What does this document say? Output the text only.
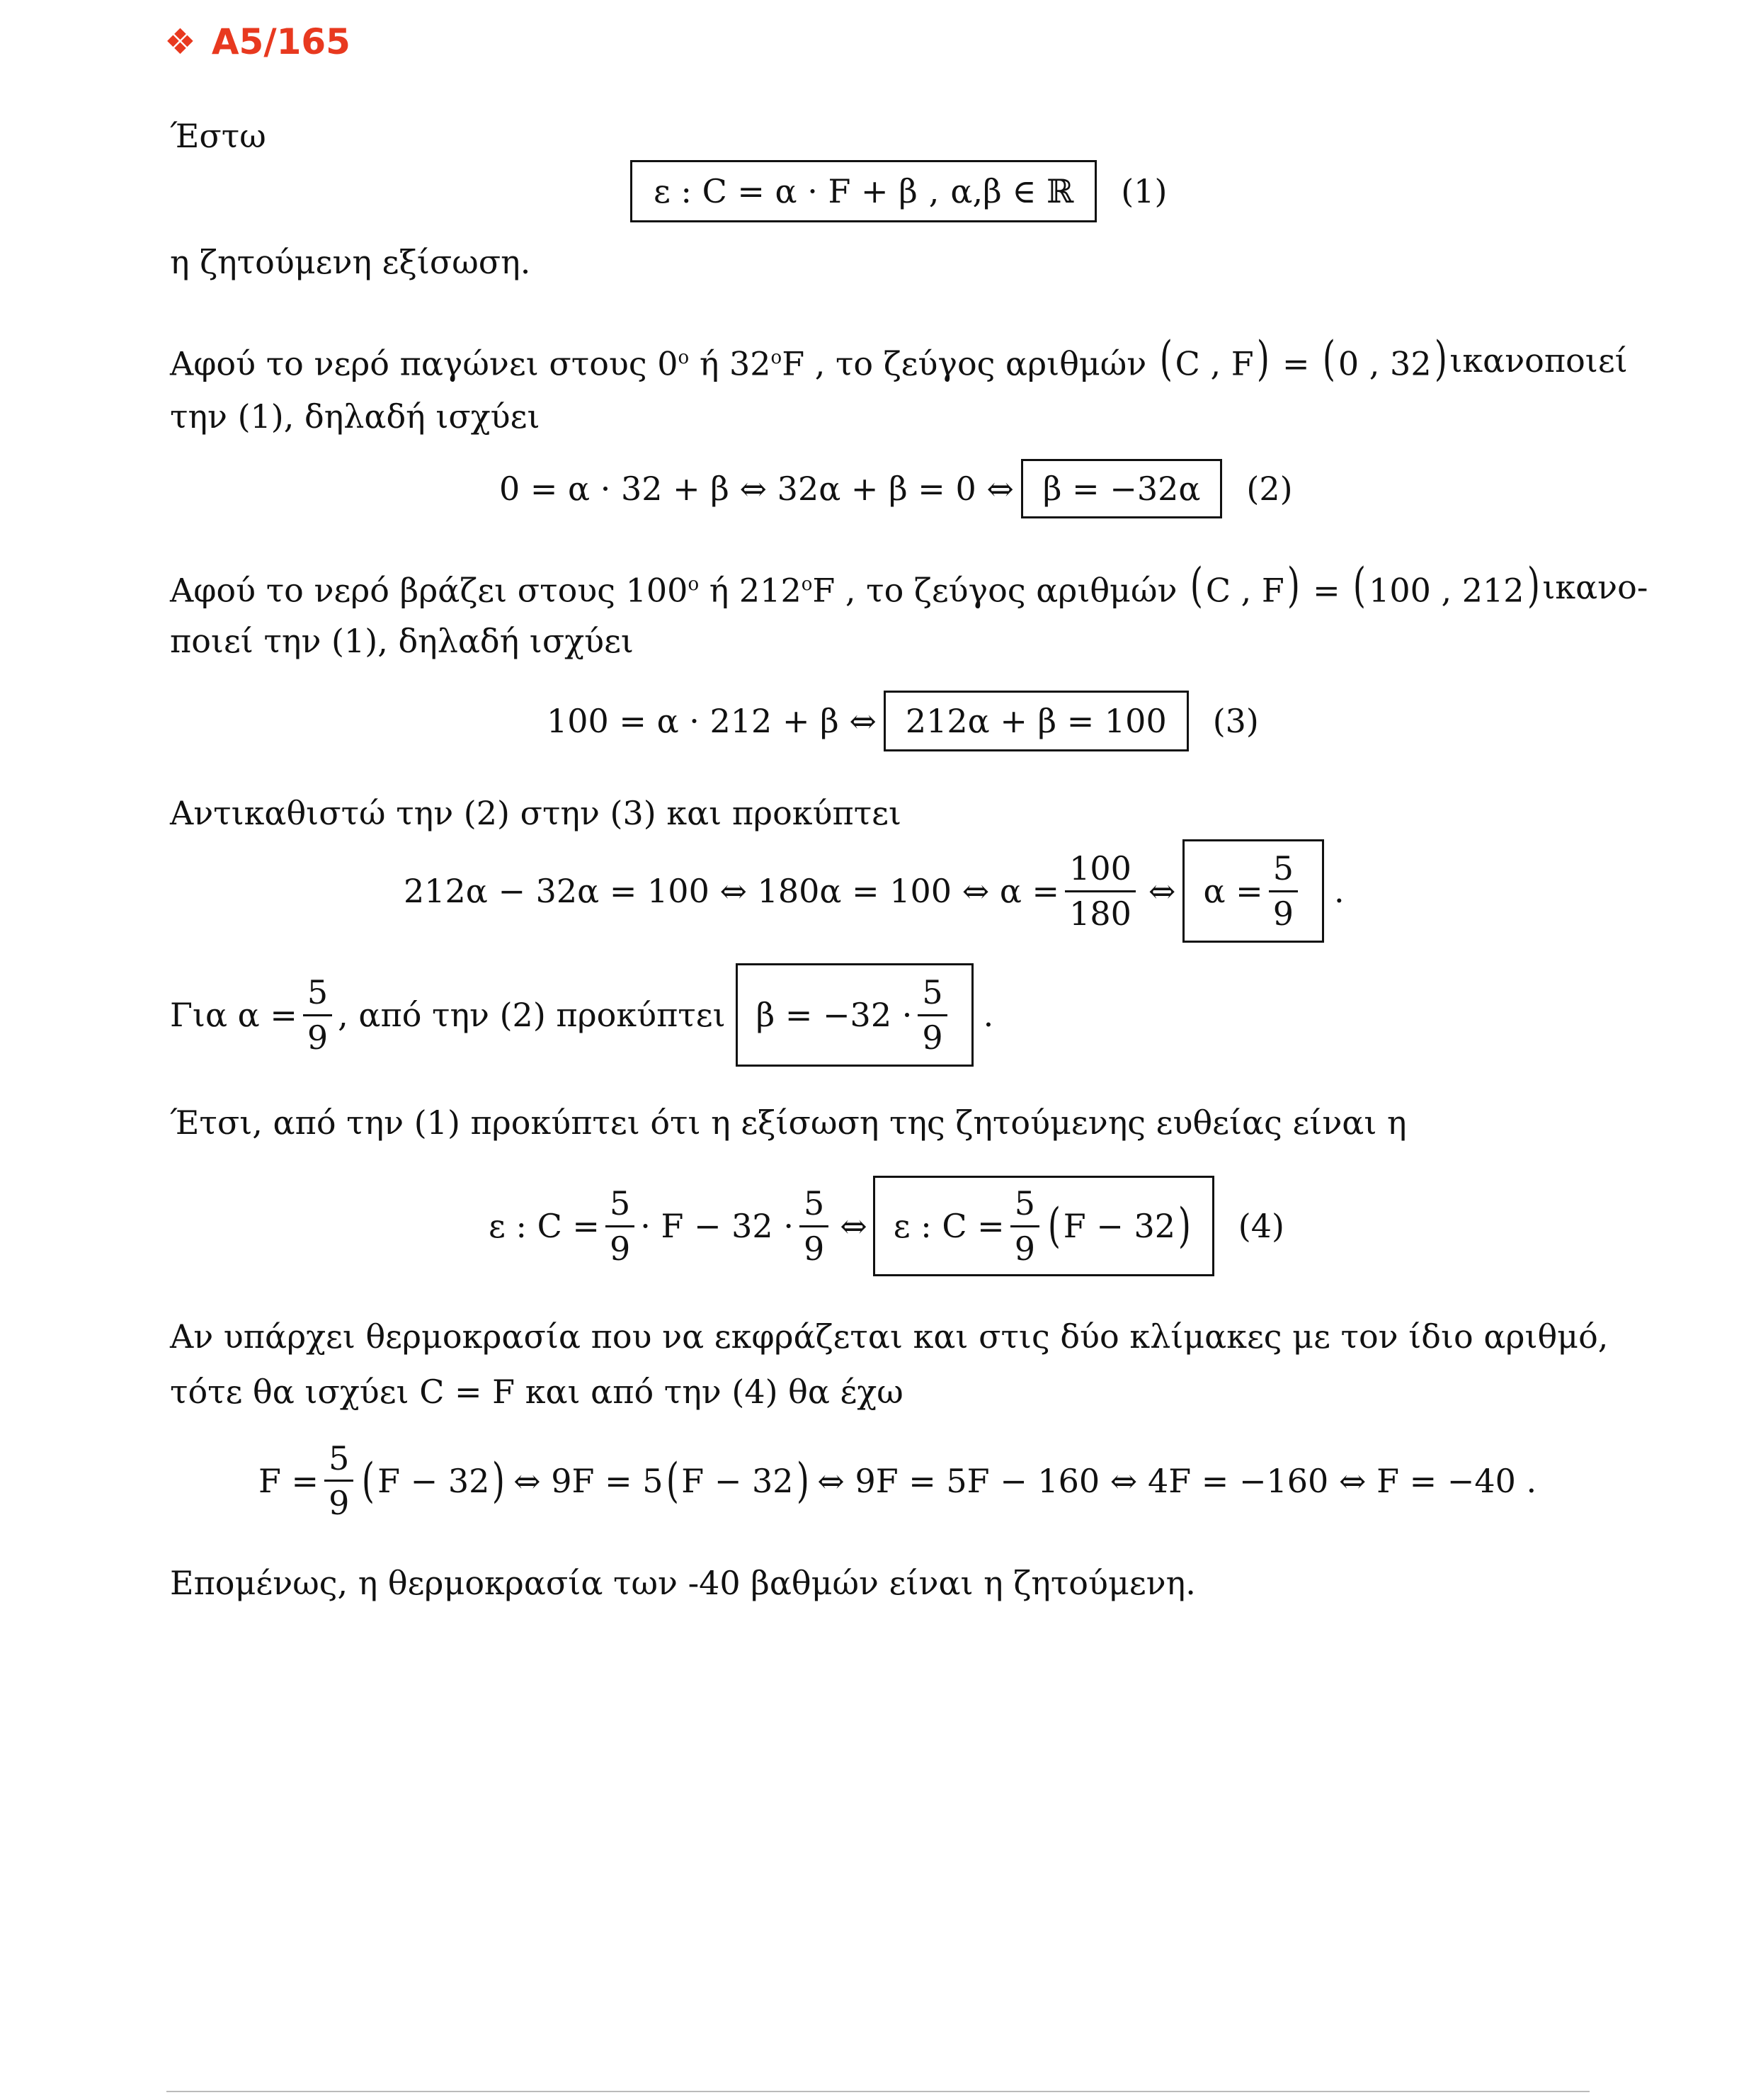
❖ A5/165
Έστω
ε : C = α · F + β , α,β ∈ ℝ (1)
η ζητούμενη εξίσωση.
Αφού το νερό παγώνει στους $0^o$ ή $32^oF$ , το ζεύγος αριθμών (C , F) = (0 , 32) ικανοποιεί
την (1), δηλαδή ισχύει
0 = α · 32 + β ⇔ 32α + β = 0 ⇔ β = −32α	(2)
Αφού το νερό βράζει στους $100^o$ ή $212^oF$ , το ζεύγος αριθμών (C , F) = (100 , 212) ικανο-
ποιεί την (1), δηλαδή ισχύει
100 = α · 212 + β ⇔ 212α + β = 100	(3)
Αντικαθιστώ την (2) στην (3) και προκύπτει
212α − 32α = 100 ⇔ 180α = 100 ⇔ $\alpha = \frac{100}{180}$ ⇔ $\alpha = \frac{5}{9}$ .
Για $\alpha = \frac{5}{9}$ , από την (2) προκύπτει $\beta = -32 \cdot \frac{5}{9}$ .
Έτσι, από την (1) προκύπτει ότι η εξίσωση της ζητούμενης ευθείας είναι η
ε : $C = \frac{5}{9} \cdot F - 32 \cdot \frac{5}{9}$ ⇔ ε : $C = \frac{5}{9}$ ( F − 32 ) (4)
Αν υπάρχει θερμοκρασία που να εκφράζεται και στις δύο κλίμακες με τον ίδιο αριθμό,
τότε θα ισχύει C = F και από την (4) θα έχω
$F = \frac{5}{9}$ ( F − 32 ) ⇔ 9F = 5 ( F − 32 ) ⇔ 9F = 5F − 160 ⇔ 4F = −160 ⇔ F = −40 .
Επομένως, η θερμοκρασία των -40 βαθμών είναι η ζητούμενη.
